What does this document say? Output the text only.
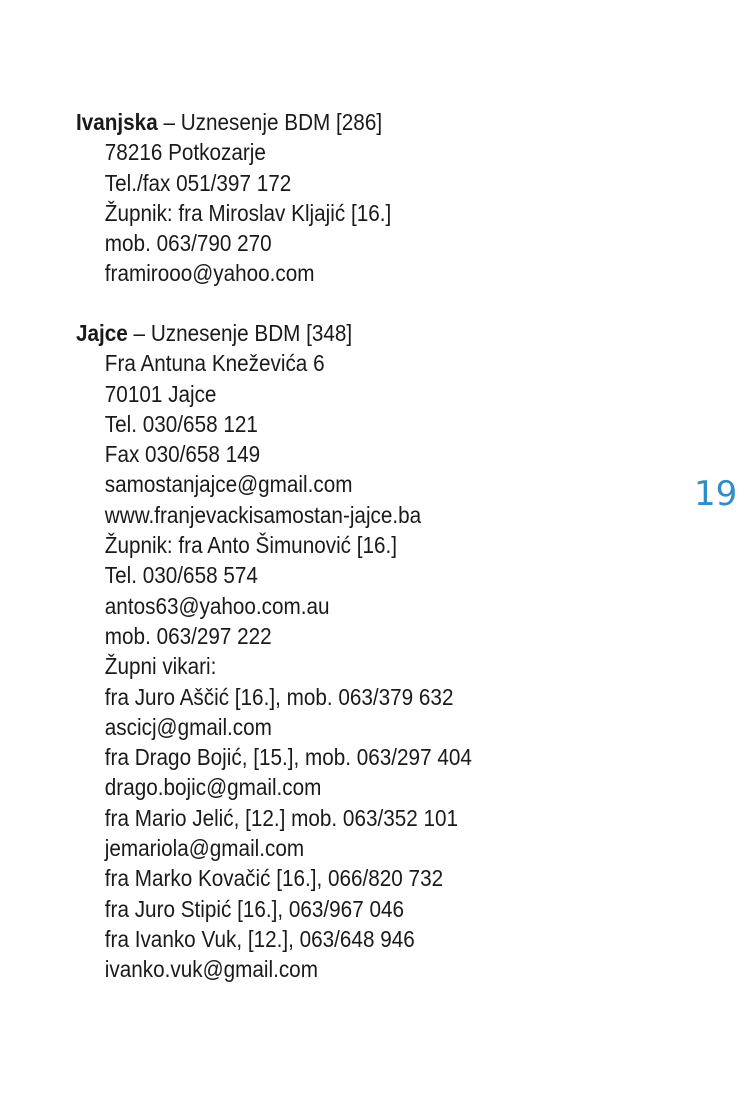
Ivanjska – Uznesenje BDM [286]
78216 Potkozarje
Tel./fax 051/397 172
Župnik: fra Miroslav Kljajić [16.]
mob. 063/790 270
framirooo@yahoo.com
Jajce – Uznesenje BDM [348]
Fra Antuna Kneževića 6
70101 Jajce
Tel. 030/658 121
Fax 030/658 149
samostanjajce@gmail.com
www.franjevackisamostan-jajce.ba
Župnik: fra Anto Šimunović [16.]
Tel. 030/658 574
antos63@yahoo.com.au
mob. 063/297 222
Župni vikari:
fra Juro Aščić [16.], mob. 063/379 632
ascicj@gmail.com
fra Drago Bojić, [15.], mob. 063/297 404
drago.bojic@gmail.com
fra Mario Jelić, [12.] mob. 063/352 101
jemariola@gmail.com
fra Marko Kovačić [16.], 066/820 732
fra Juro Stipić [16.], 063/967 046
fra Ivanko Vuk, [12.], 063/648 946
ivanko.vuk@gmail.com
19
